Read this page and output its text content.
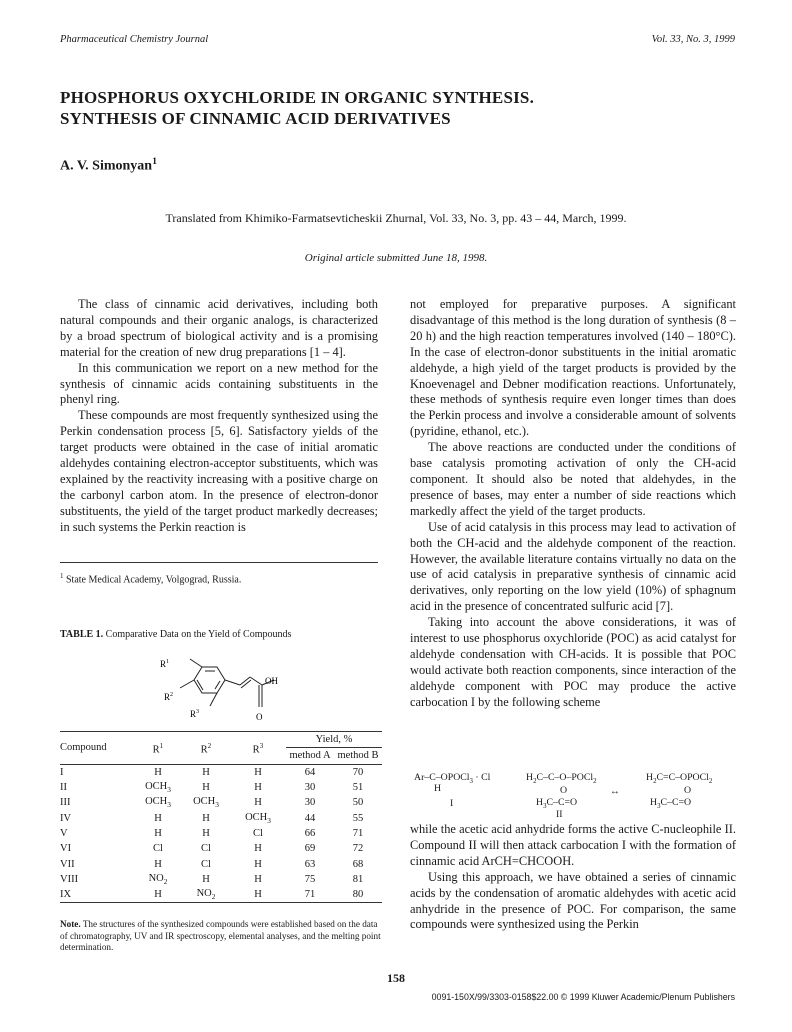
Pharmaceutical Chemistry Journal	Vol. 33, No. 3, 1999
PHOSPHORUS OXYCHLORIDE IN ORGANIC SYNTHESIS.
SYNTHESIS OF CINNAMIC ACID DERIVATIVES
A. V. Simonyan$^1$
Translated from Khimiko-Farmatsevticheskii Zhurnal, Vol. 33, No. 3, pp. 43 – 44, March, 1999.
Original article submitted June 18, 1998.

The class of cinnamic acid derivatives, including both natural compounds and their organic analogs, is characterized by a broad spectrum of biological activity and is a promising material for the creation of new drug preparations [1 – 4].

In this communication we report on a new method for the synthesis of cinnamic acids containing substituents in the phenyl ring.

These compounds are most frequently synthesized using the Perkin condensation process [5, 6]. Satisfactory yields of the target products were obtained in the case of initial aromatic aldehydes containing electron-acceptor substituents, which was explained by the reactivity increasing with a positive charge on the carbonyl carbon atom. In the presence of electron-donor substituents, the yield of the target product markedly decreases; in such systems the Perkin reaction is

$^1$ State Medical Academy, Volgograd, Russia.
TABLE 1. Comparative Data on the Yield of Compounds
R 1
R 2
R 3
OH
O
Compound	$R^1$	$R^2$	$R^3$	Yield, %	
				method A	method B
I	H	H	H	64	70
II	$OCH_3$	H	H	30	51
III	$OCH_3$	$OCH_3$	H	30	50
IV	H	H	$OCH_3$	44	55
V	H	H	Cl	66	71
VI	Cl	Cl	H	69	72
VII	H	Cl	H	63	68
VIII	$NO_2$	H	H	75	81
IX	H	$NO_2$	H	71	80
Note. The structures of the synthesized compounds were established based on the data of chromatography, UV and IR spectroscopy, elemental analyses, and the melting point determination.

not employed for preparative purposes. A significant disadvantage of this method is the long duration of synthesis (8 – 20 h) and the high reaction temperatures involved (140 – 180°C). In the case of electron-donor substituents in the initial aromatic aldehyde, a high yield of the target products is provided by the Knoevenagel and Debner modification reactions. Unfortunately, these methods of synthesis require even longer times than does the Perkin process and involve a considerable amount of solvents (pyridine, ethanol, etc.).

The above reactions are conducted under the conditions of base catalysis promoting activation of only the CH-acid component. It should also be noted that aldehydes, in the presence of bases, may enter a number of side reactions which markedly affect the yield of the target products.

Use of acid catalysis in this process may lead to activation of both the CH-acid and the aldehyde component of the reaction. However, the available literature contains virtually no data on the use of acid catalysis in preparative synthesis of cinnamic acid derivatives, only reporting on the low yield (10%) of sphagnum acid in the presence of concentrated sulfuric acid [7].

Taking into account the above considerations, it was of interest to use phosphorus oxychloride (POC) as acid catalyst for aldehyde condensation with CH-acids. It is possible that POC would activate both reaction components, since interaction of the aldehyde component with POC may produce the active carbocation I by the following scheme

Ar–C–OPOCl$_3$ · Cl
H
I
$H_2C-C-O-POCl_2$
O
$H_3C-C=O$
II
↔
$H_2C=C-OPOCl_2$
O
$H_3C-C=O$

while the acetic acid anhydride forms the active C-nucleophile II. Compound II will then attack carbocation I with the formation of cinnamic acid ArCH=CHCOOH.

Using this approach, we have obtained a series of cinnamic acids by the condensation of aromatic aldehydes with acetic acid anhydride in the presence of POC. For comparison, the same compounds were synthesized using the Perkin

158
0091-150X/99/3303-0158$22.00 © 1999 Kluwer Academic/Plenum Publishers
